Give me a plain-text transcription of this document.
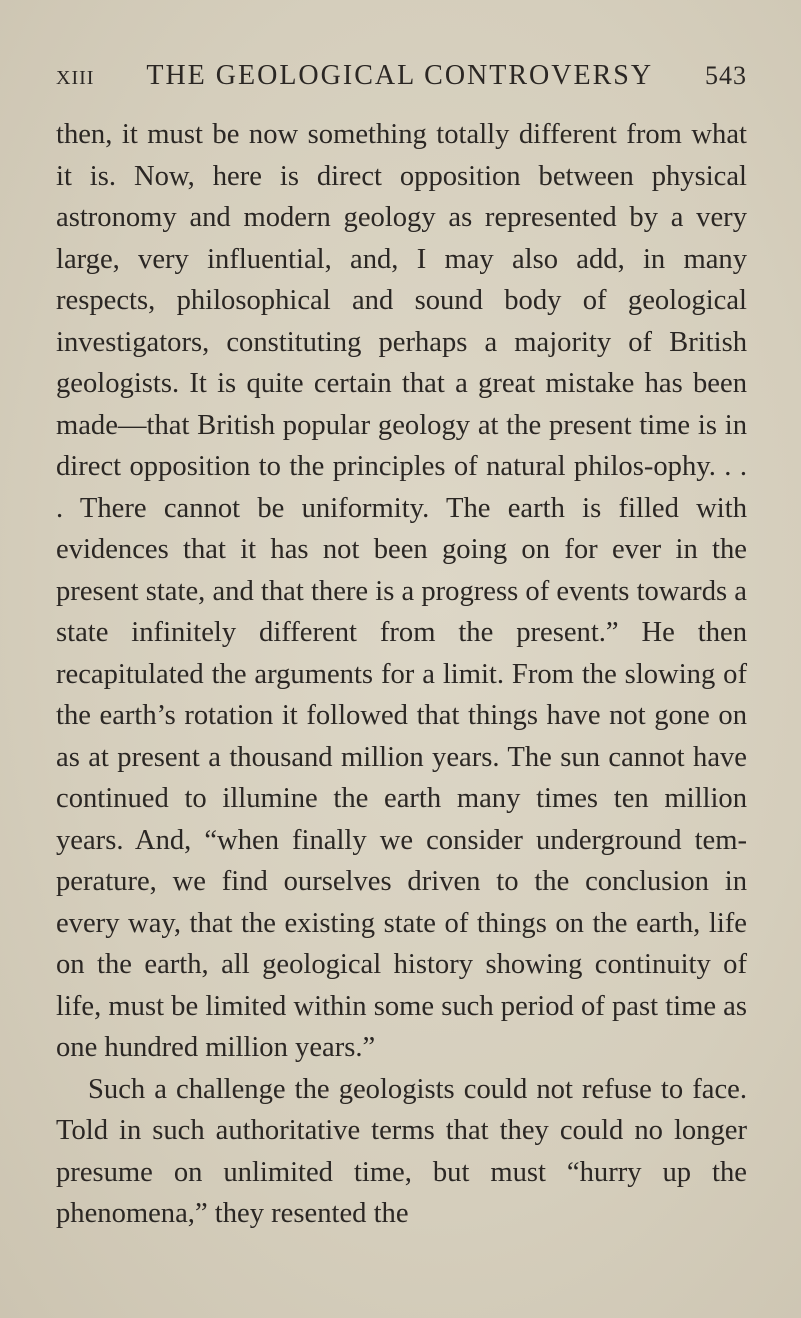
XIII	THE GEOLOGICAL CONTROVERSY	543

then, it must be now something totally different from what it is. Now, here is direct opposition between physical astronomy and modern geology as represented by a very large, very influential, and, I may also add, in many respects, philosophical and sound body of geological investigators, constituting perhaps a majority of British geologists. It is quite certain that a great mistake has been made—that British popular geology at the present time is in direct opposition to the principles of natural philos-ophy. . . . There cannot be uniformity. The earth is filled with evidences that it has not been going on for ever in the present state, and that there is a progress of events towards a state infinitely different from the present.” He then recapitulated the arguments for a limit. From the slowing of the earth’s rotation it followed that things have not gone on as at present a thousand million years. The sun cannot have continued to illumine the earth many times ten million years. And, “when finally we consider underground tem-perature, we find ourselves driven to the conclusion in every way, that the existing state of things on the earth, life on the earth, all geological history showing continuity of life, must be limited within some such period of past time as one hundred million years.”

Such a challenge the geologists could not refuse to face. Told in such authoritative terms that they could no longer presume on unlimited time, but must “hurry up the phenomena,” they resented the
